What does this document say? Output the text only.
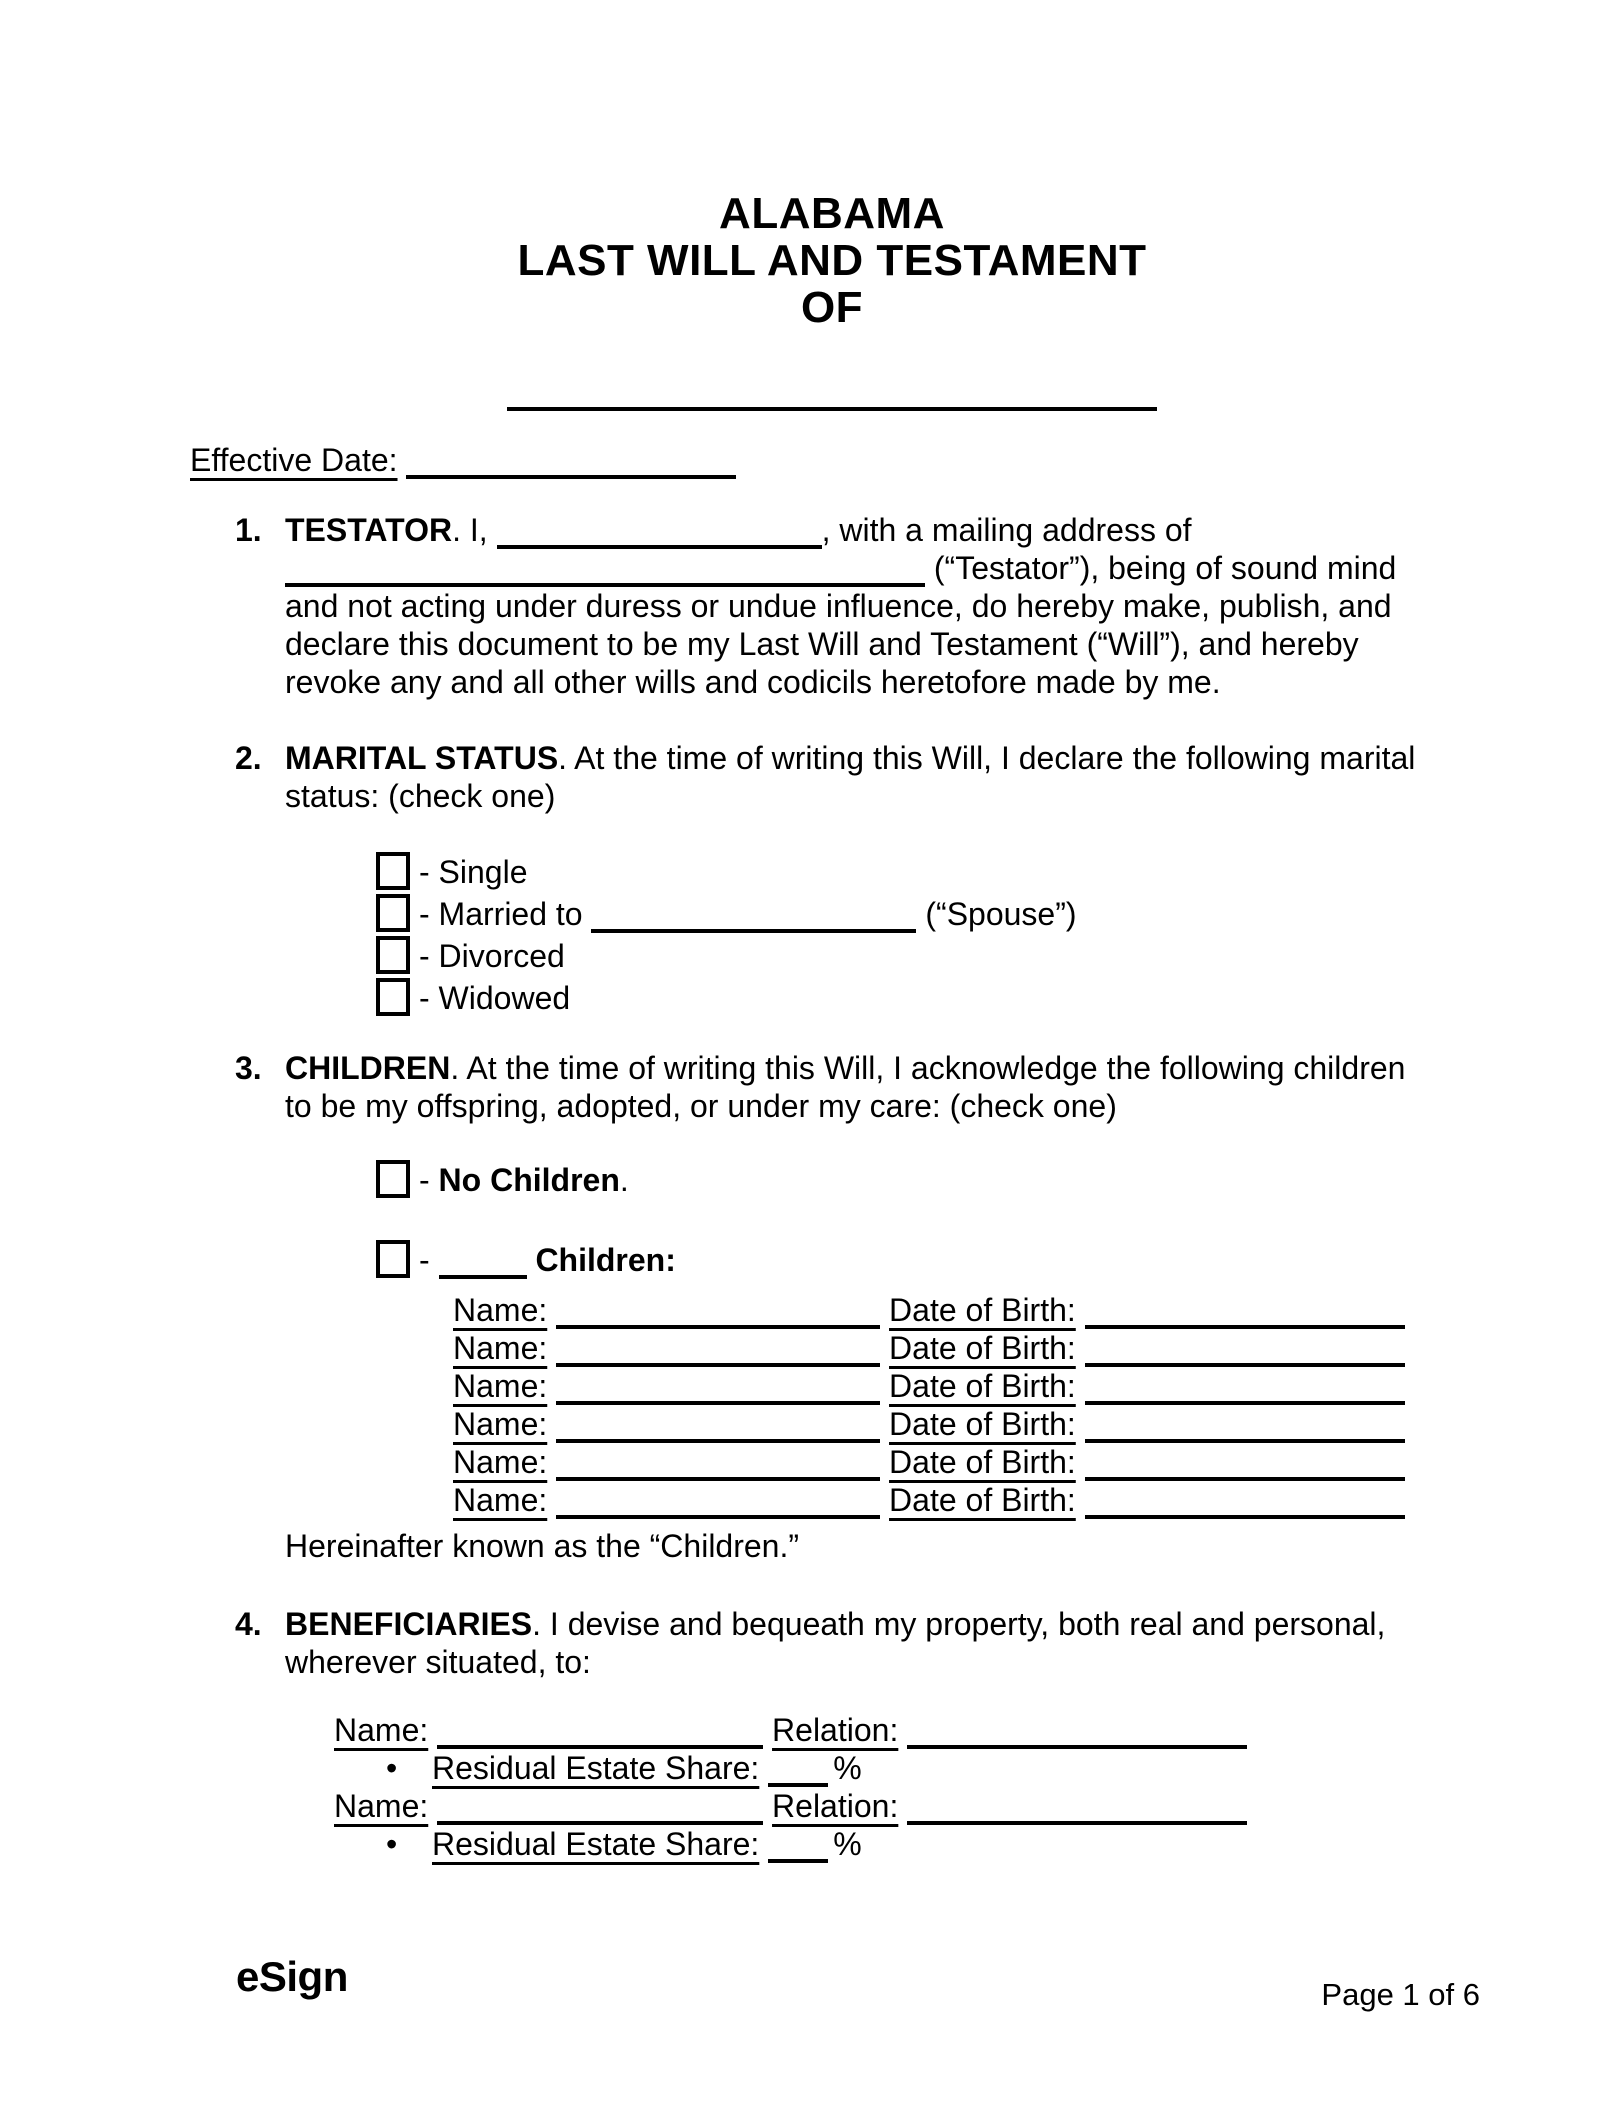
ALABAMA
LAST WILL AND TESTAMENT
OF
Effective Date:
1. TESTATOR. I,	, with a mailing address of
(“Testator”), being of sound mind
and not acting under duress or undue influence, do hereby make, publish, and
declare this document to be my Last Will and Testament (“Will”), and hereby
revoke any and all other wills and codicils heretofore made by me.
2. MARITAL STATUS. At the time of writing this Will, I declare the following marital
status: (check one)
- Single
- Married to	(“Spouse”)
- Divorced
- Widowed
3. CHILDREN. At the time of writing this Will, I acknowledge the following children
to be my offspring, adopted, or under my care: (check one)
- No Children.
-	Children:
Name:	Date of Birth:
Name:	Date of Birth:
Name:	Date of Birth:
Name:	Date of Birth:
Name:	Date of Birth:
Name:	Date of Birth:
Hereinafter known as the “Children.”
4. BENEFICIARIES. I devise and bequeath my property, both real and personal,
wherever situated, to:
Name:	Relation:
• Residual Estate Share: %
Name:	Relation:
• Residual Estate Share: %
eSign	Page 1 of 6
